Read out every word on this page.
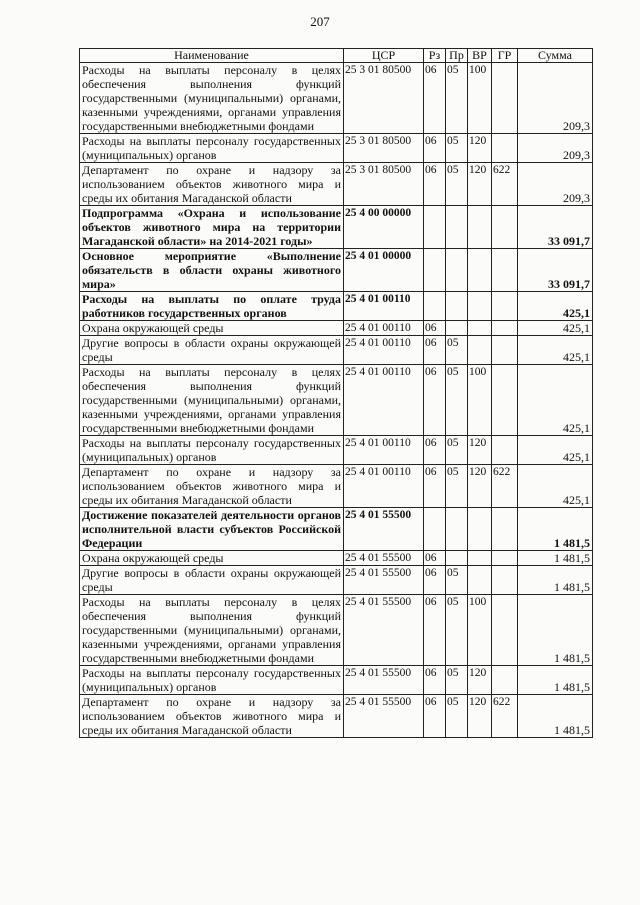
207
Наименование	ЦСР	Рз	Пр	ВР	ГР	Сумма
Расходы на выплаты персоналу в целях обеспечения выполнения функций государственными (муниципальными) органами, казенными учреждениями, органами управления государственными внебюджетными фондами	25 3 01 80500	06	05	100		209,3
Расходы на выплаты персоналу государственных (муниципальных) органов	25 3 01 80500	06	05	120		209,3
Департамент по охране и надзору за использованием объектов животного мира и среды их обитания Магаданской области	25 3 01 80500	06	05	120	622	209,3
Подпрограмма «Охрана и использование объектов животного мира на территории Магаданской области» на 2014-2021 годы»	25 4 00 00000					33 091,7
Основное мероприятие «Выполнение обязательств в области охраны животного мира»	25 4 01 00000					33 091,7
Расходы на выплаты по оплате труда работников государственных органов	25 4 01 00110					425,1
Охрана окружающей среды	25 4 01 00110	06				425,1
Другие вопросы в области охраны окружающей среды	25 4 01 00110	06	05			425,1
Расходы на выплаты персоналу в целях обеспечения выполнения функций государственными (муниципальными) органами, казенными учреждениями, органами управления государственными внебюджетными фондами	25 4 01 00110	06	05	100		425,1
Расходы на выплаты персоналу государственных (муниципальных) органов	25 4 01 00110	06	05	120		425,1
Департамент по охране и надзору за использованием объектов животного мира и среды их обитания Магаданской области	25 4 01 00110	06	05	120	622	425,1
Достижение показателей деятельности органов исполнительной власти субъектов Российской Федерации	25 4 01 55500					1 481,5
Охрана окружающей среды	25 4 01 55500	06				1 481,5
Другие вопросы в области охраны окружающей среды	25 4 01 55500	06	05			1 481,5
Расходы на выплаты персоналу в целях обеспечения выполнения функций государственными (муниципальными) органами, казенными учреждениями, органами управления государственными внебюджетными фондами	25 4 01 55500	06	05	100		1 481,5
Расходы на выплаты персоналу государственных (муниципальных) органов	25 4 01 55500	06	05	120		1 481,5
Департамент по охране и надзору за использованием объектов животного мира и среды их обитания Магаданской области	25 4 01 55500	06	05	120	622	1 481,5
